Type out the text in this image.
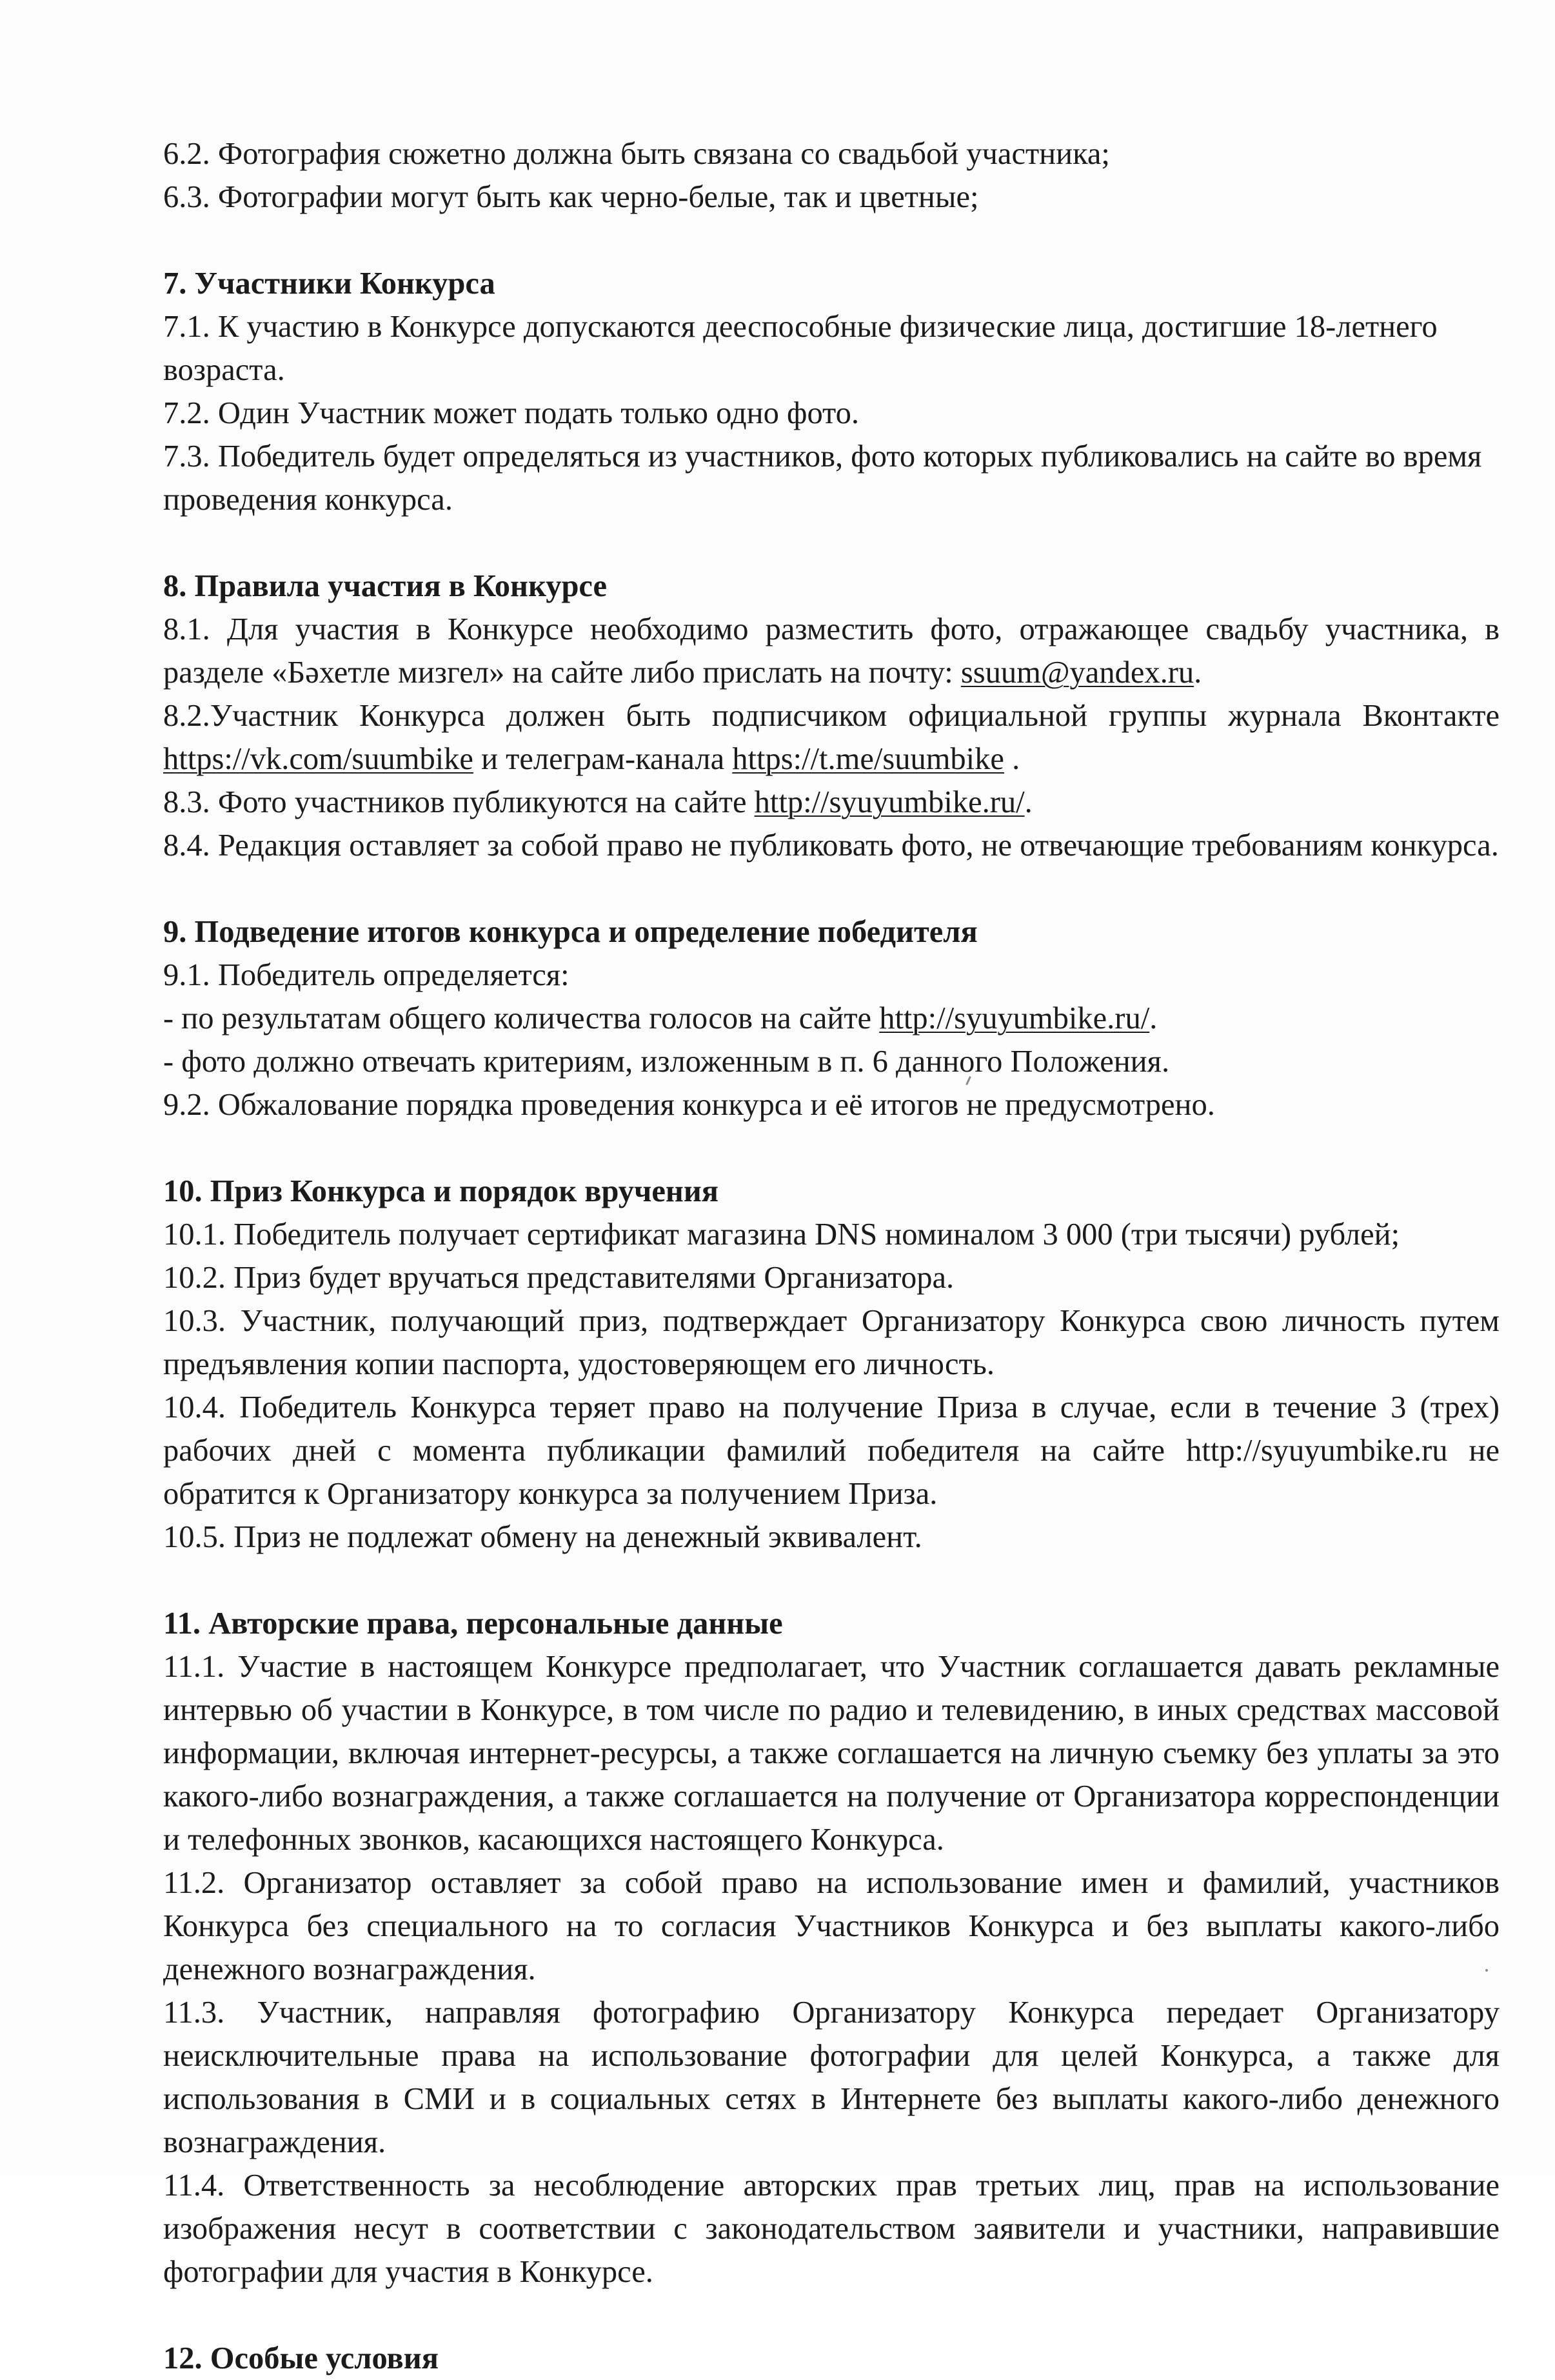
6.2. Фотография сюжетно должна быть связана со свадьбой участника;

6.3. Фотографии могут быть как черно-белые, так и цветные;

7. Участники Конкурса

7.1. К участию в Конкурсе допускаются дееспособные физические лица, достигшие 18-летнего возраста.

7.2. Один Участник может подать только одно фото.

7.3. Победитель будет определяться из участников, фото которых публиковались на сайте во время проведения конкурса.

8. Правила участия в Конкурсе

8.1. Для участия в Конкурсе необходимо разместить фото, отражающее свадьбу участника, в разделе «Бәхетле мизгел» на сайте либо прислать на почту: ssuum@yandex.ru.

8.2.Участник Конкурса должен быть подписчиком официальной группы журнала Вконтакте https://vk.com/suumbike и телеграм-канала https://t.me/suumbike .

8.3. Фото участников публикуются на сайте http://syuyumbike.ru/.

8.4. Редакция оставляет за собой право не публиковать фото, не отвечающие требованиям конкурса.

9. Подведение итогов конкурса и определение победителя

9.1. Победитель определяется:

- по результатам общего количества голосов на сайте http://syuyumbike.ru/.

- фото должно отвечать критериям, изложенным в п. 6 данного Положения.

9.2. Обжалование порядка проведения конкурса и её итогов не предусмотрено.

10. Приз Конкурса и порядок вручения

10.1. Победитель получает сертификат магазина DNS номиналом 3 000 (три тысячи) рублей;

10.2. Приз будет вручаться представителями Организатора.

10.3. Участник, получающий приз, подтверждает Организатору Конкурса свою личность путем предъявления копии паспорта, удостоверяющем его личность.

10.4. Победитель Конкурса теряет право на получение Приза в случае, если в течение 3 (трех) рабочих дней с момента публикации фамилий победителя на сайте http://syuyumbike.ru не обратится к Организатору конкурса за получением Приза.

10.5. Приз не подлежат обмену на денежный эквивалент.

11. Авторские права, персональные данные

11.1. Участие в настоящем Конкурсе предполагает, что Участник соглашается давать рекламные интервью об участии в Конкурсе, в том числе по радио и телевидению, в иных средствах массовой информации, включая интернет-ресурсы, а также соглашается на личную съемку без уплаты за это какого-либо вознаграждения, а также соглашается на получение от Организатора корреспонденции и телефонных звонков, касающихся настоящего Конкурса.

11.2. Организатор оставляет за собой право на использование имен и фамилий, участников Конкурса без специального на то согласия Участников Конкурса и без выплаты какого-либо денежного вознаграждения.

11.3. Участник, направляя фотографию Организатору Конкурса передает Организатору неисключительные права на использование фотографии для целей Конкурса, а также для использования в СМИ и в социальных сетях в Интернете без выплаты какого-либо денежного вознаграждения.

11.4. Ответственность за несоблюдение авторских прав третьих лиц, прав на использование изображения несут в соответствии с законодательством заявители и участники, направившие фотографии для участия в Конкурсе.

12. Особые условия
